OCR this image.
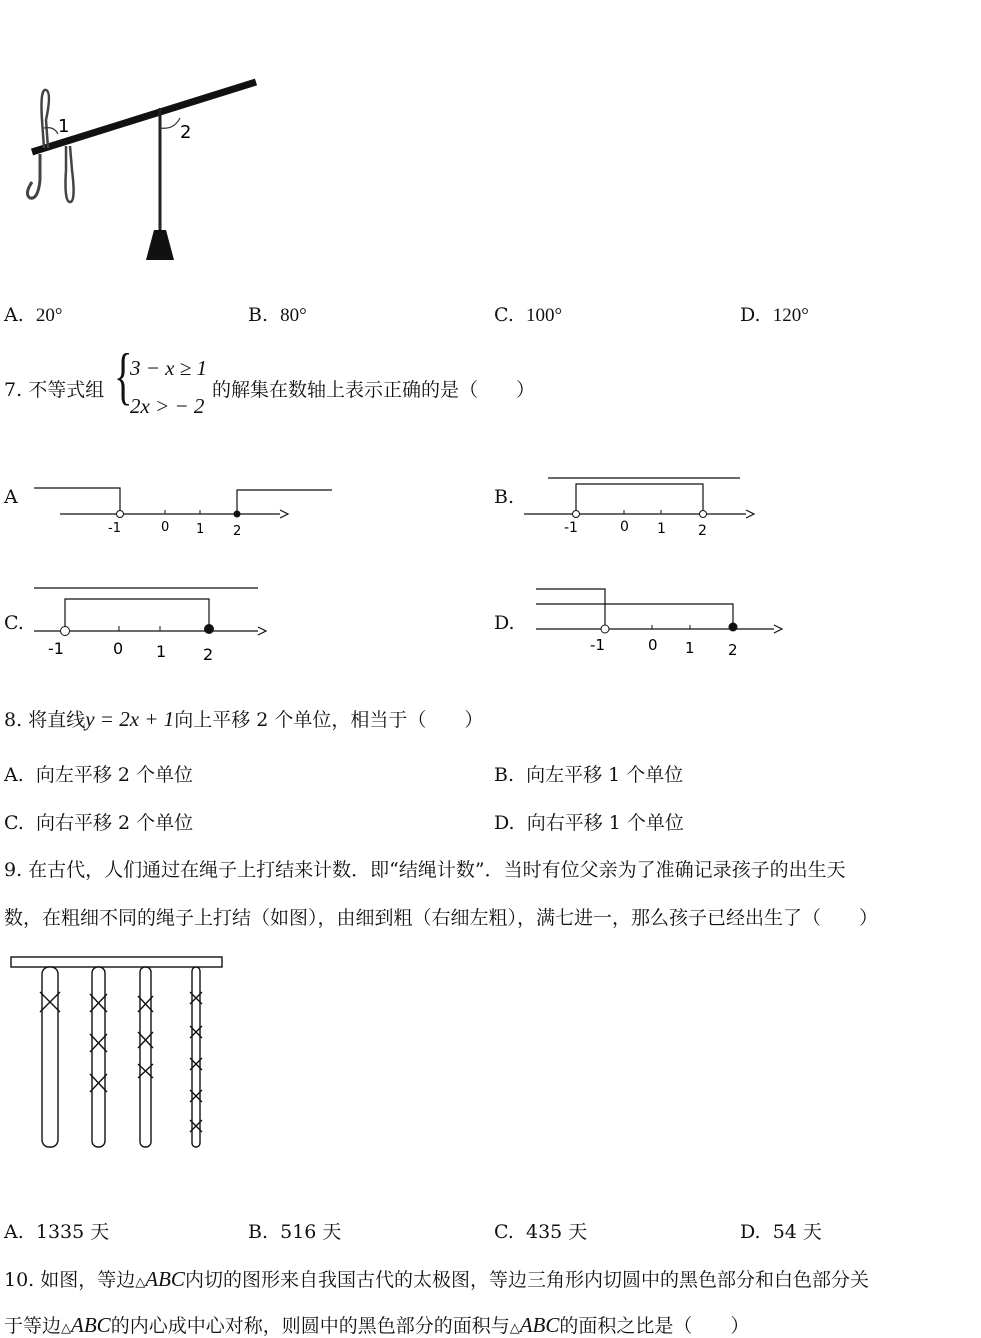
1	2
A. 20°	B. 80°	C. 100°	D. 120°
7. 不等式组 {
3 − x ≥ 1
2x > − 2
的解集在数轴上表示正确的是（　　）
A
-1	0 1 2
B.
-1	0 1 2
C.
-1	0 1 2
D.
-1	0 1 2
8. 将直线y = 2x + 1向上平移 2 个单位，相当于（　　）
A. 向左平移 2 个单位	B. 向左平移 1 个单位
C. 向右平移 2 个单位	D. 向右平移 1 个单位
9. 在古代，人们通过在绳子上打结来计数．即“结绳计数”．当时有位父亲为了准确记录孩子的出生天
数，在粗细不同的绳子上打结（如图），由细到粗（右细左粗），满七进一，那么孩子已经出生了（　　）
A. 1335 天	B. 516 天	C. 435 天	D. 54 天
10. 如图，等边△ABC内切的图形来自我国古代的太极图，等边三角形内切圆中的黑色部分和白色部分关
于等边△ABC的内心成中心对称，则圆中的黑色部分的面积与△ABC的面积之比是（　　）
